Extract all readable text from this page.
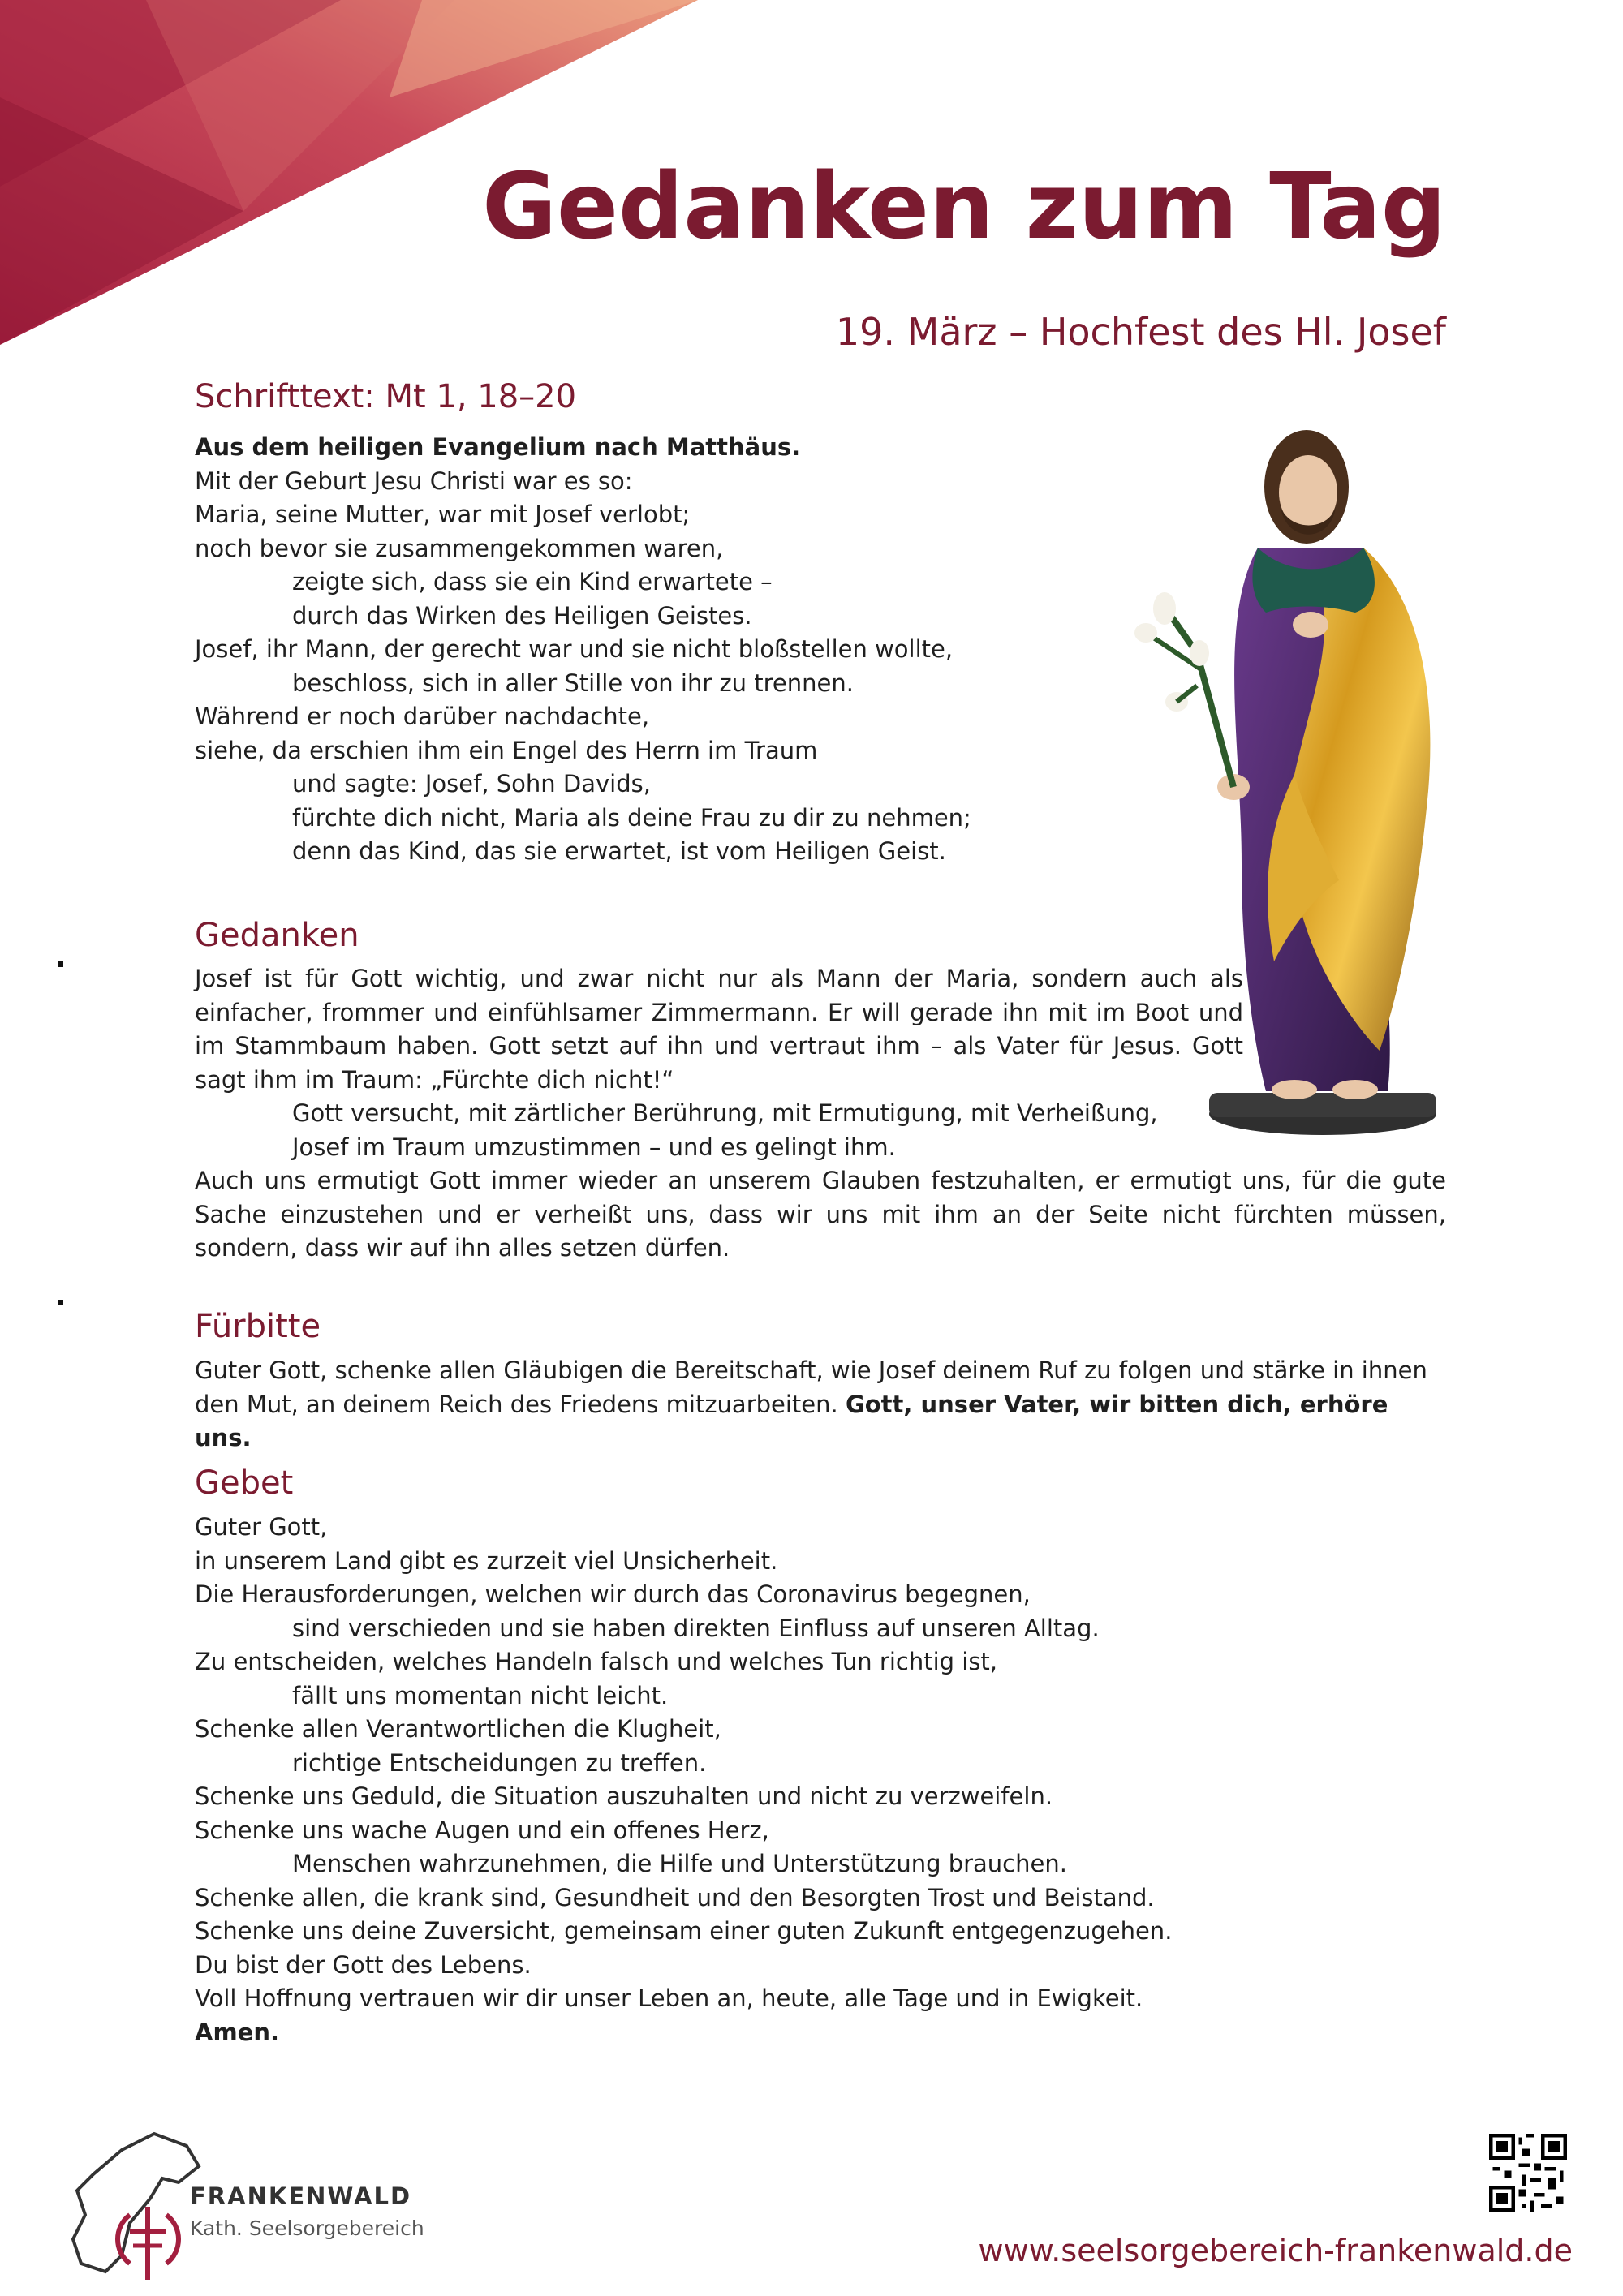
Gedanken zum Tag
19. März – Hochfest des Hl. Josef
Schrifttext: Mt 1, 18–20
Aus dem heiligen Evangelium nach Matthäus.
Mit der Geburt Jesu Christi war es so:
Maria, seine Mutter, war mit Josef verlobt;
noch bevor sie zusammengekommen waren,
zeigte sich, dass sie ein Kind erwartete –
durch das Wirken des Heiligen Geistes.
Josef, ihr Mann, der gerecht war und sie nicht bloßstellen wollte,
beschloss, sich in aller Stille von ihr zu trennen.
Während er noch darüber nachdachte,
siehe, da erschien ihm ein Engel des Herrn im Traum
und sagte: Josef, Sohn Davids,
fürchte dich nicht, Maria als deine Frau zu dir zu nehmen;
denn das Kind, das sie erwartet, ist vom Heiligen Geist.
Gedanken

Josef ist für Gott wichtig, und zwar nicht nur als Mann der Maria, sondern auch als einfacher, frommer und einfühlsamer Zimmermann. Er will gerade ihn mit im Boot und im Stammbaum haben. Gott setzt auf ihn und vertraut ihm – als Vater für Jesus. Gott sagt ihm im Traum: „Fürchte dich nicht!“

Gott versucht, mit zärtlicher Berührung, mit Ermutigung, mit Verheißung, Josef im Traum umzustimmen – und es gelingt ihm.

Auch uns ermutigt Gott immer wieder an unserem Glauben festzuhalten, er ermutigt uns, für die gute Sache einzustehen und er verheißt uns, dass wir uns mit ihm an der Seite nicht fürchten müssen, sondern, dass wir auf ihn alles setzen dürfen.

Fürbitte

Guter Gott, schenke allen Gläubigen die Bereitschaft, wie Josef deinem Ruf zu folgen und stärke in ihnen den Mut, an deinem Reich des Friedens mitzuarbeiten. Gott, unser Vater, wir bitten dich, erhöre uns.

Gebet
Guter Gott,
in unserem Land gibt es zurzeit viel Unsicherheit.
Die Herausforderungen, welchen wir durch das Coronavirus begegnen,
sind verschieden und sie haben direkten Einfluss auf unseren Alltag.
Zu entscheiden, welches Handeln falsch und welches Tun richtig ist,
fällt uns momentan nicht leicht.
Schenke allen Verantwortlichen die Klugheit,
richtige Entscheidungen zu treffen.
Schenke uns Geduld, die Situation auszuhalten und nicht zu verzweifeln.
Schenke uns wache Augen und ein offenes Herz,
Menschen wahrzunehmen, die Hilfe und Unterstützung brauchen.
Schenke allen, die krank sind, Gesundheit und den Besorgten Trost und Beistand.
Schenke uns deine Zuversicht, gemeinsam einer guten Zukunft entgegenzugehen.
Du bist der Gott des Lebens.
Voll Hoffnung vertrauen wir dir unser Leben an, heute, alle Tage und in Ewigkeit.
Amen.
FRANKENWALD
Kath. Seelsorgebereich
www.seelsorgebereich-frankenwald.de
